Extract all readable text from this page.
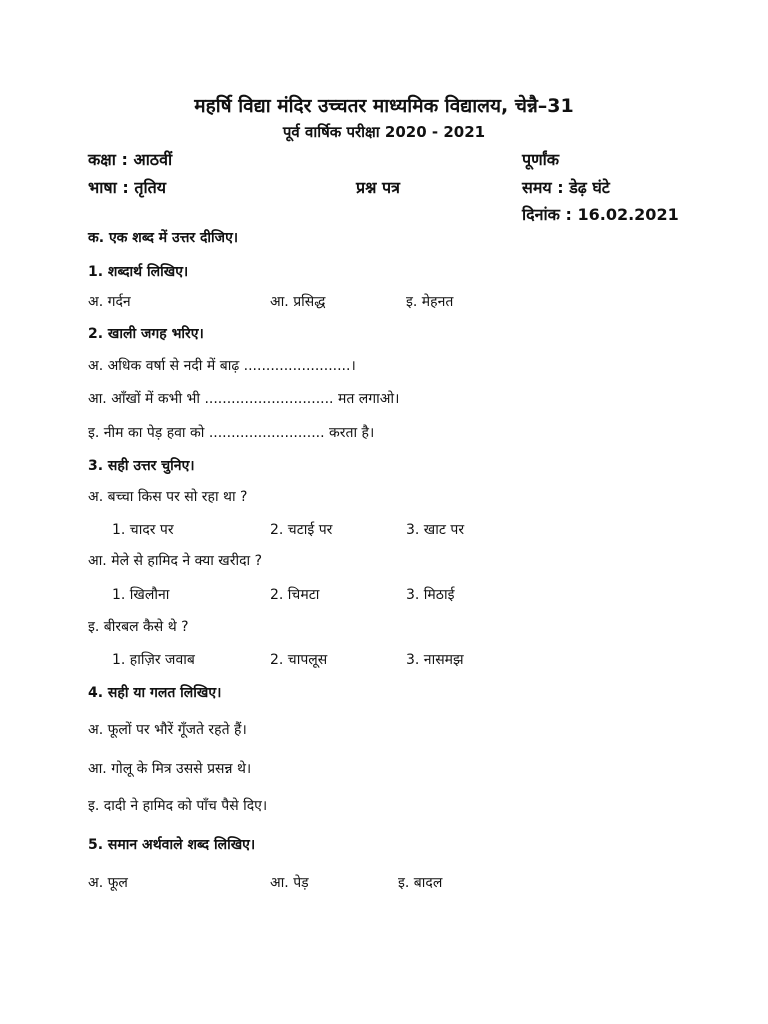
महर्षि विद्या मंदिर उच्चतर माध्यमिक विद्यालय, चेन्नै–31
पूर्व वार्षिक परीक्षा 2020 - 2021
कक्षा : आठवीं	पूर्णांक
भाषा : तृतिय	प्रश्न पत्र	समय : डेढ़ घंटे
दिनांक : 16.02.2021
क. एक शब्द में उत्तर दीजिए।
1. शब्दार्थ लिखिए।
अ. गर्दन	आ. प्रसिद्ध	इ. मेहनत
2. खाली जगह भरिए।
अ. अधिक वर्षा से नदी में बाढ़ ........................।
आ. आँखों में कभी भी ............................. मत लगाओ।
इ. नीम का पेड़ हवा को .......................... करता है।
3. सही उत्तर चुनिए।
अ. बच्चा किस पर सो रहा था ?
1. चादर पर	2. चटाई पर	3. खाट पर
आ. मेले से हामिद ने क्या खरीदा ?
1. खिलौना	2. चिमटा	3. मिठाई
इ. बीरबल कैसे थे ?
1. हाज़िर जवाब	2. चापलूस	3. नासमझ
4. सही या गलत लिखिए।
अ. फूलों पर भौरें गूँजते रहते हैं।
आ. गोलू के मित्र उससे प्रसन्न थे।
इ. दादी ने हामिद को पाँच पैसे दिए।
5. समान अर्थवाले शब्द लिखिए।
अ. फूल	आ. पेड़	इ. बादल
